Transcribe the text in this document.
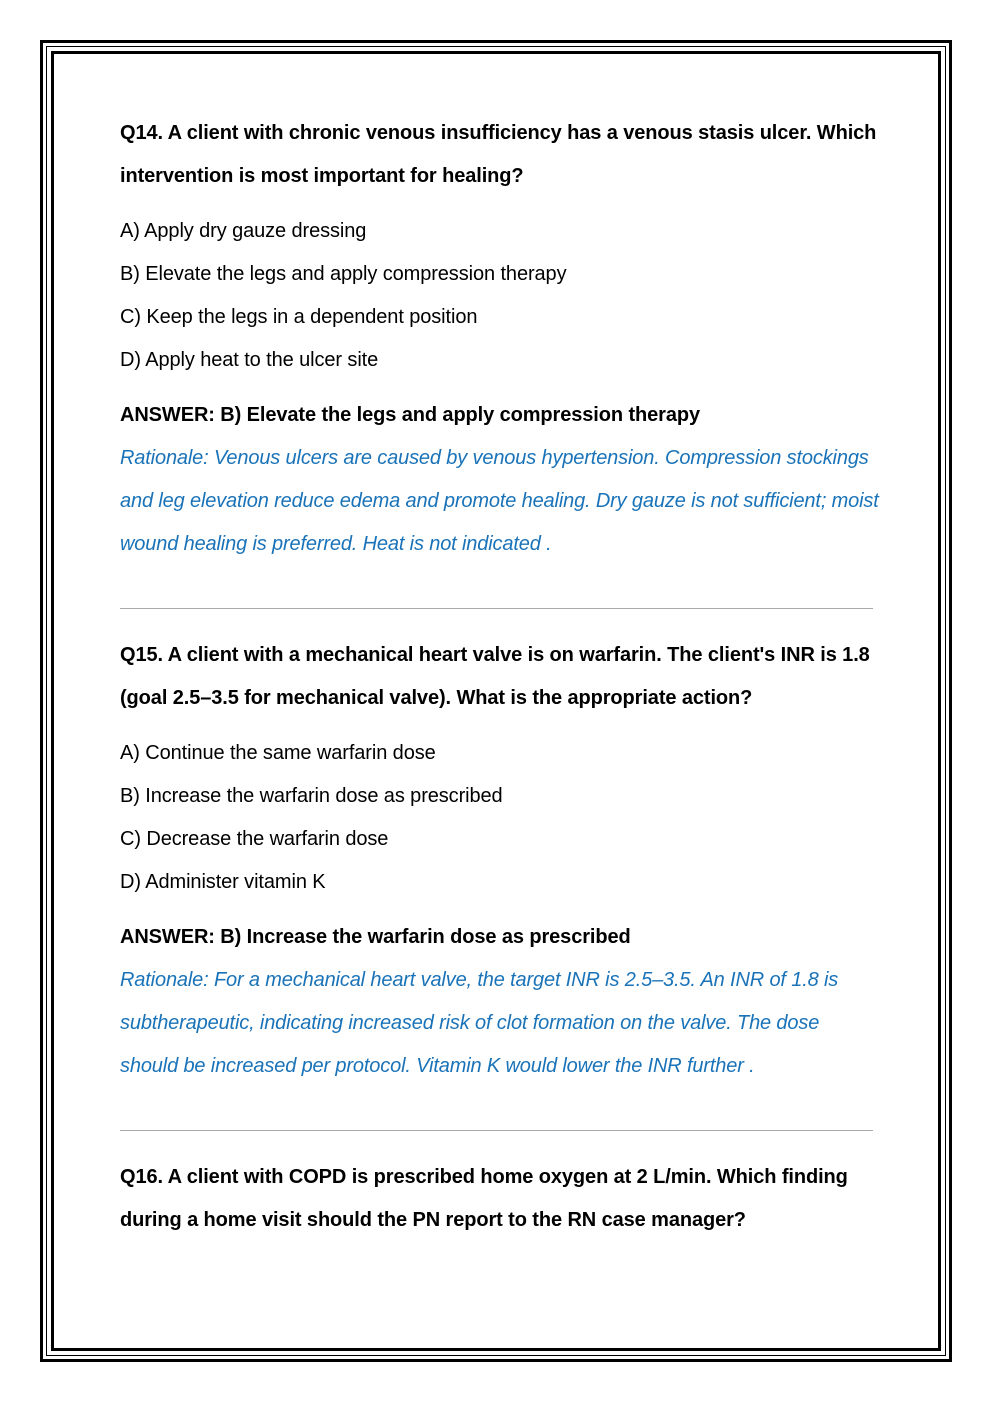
Q14. A client with chronic venous insufficiency has a venous stasis ulcer. Which intervention is most important for healing?

A) Apply dry gauze dressing
B) Elevate the legs and apply compression therapy
C) Keep the legs in a dependent position
D) Apply heat to the ulcer site

ANSWER: B) Elevate the legs and apply compression therapy

Rationale: Venous ulcers are caused by venous hypertension. Compression stockings and leg elevation reduce edema and promote healing. Dry gauze is not sufficient; moist wound healing is preferred. Heat is not indicated .

Q15. A client with a mechanical heart valve is on warfarin. The client's INR is 1.8 (goal 2.5–3.5 for mechanical valve). What is the appropriate action?

A) Continue the same warfarin dose
B) Increase the warfarin dose as prescribed
C) Decrease the warfarin dose
D) Administer vitamin K

ANSWER: B) Increase the warfarin dose as prescribed

Rationale: For a mechanical heart valve, the target INR is 2.5–3.5. An INR of 1.8 is subtherapeutic, indicating increased risk of clot formation on the valve. The dose should be increased per protocol. Vitamin K would lower the INR further .

Q16. A client with COPD is prescribed home oxygen at 2 L/min. Which finding during a home visit should the PN report to the RN case manager?
